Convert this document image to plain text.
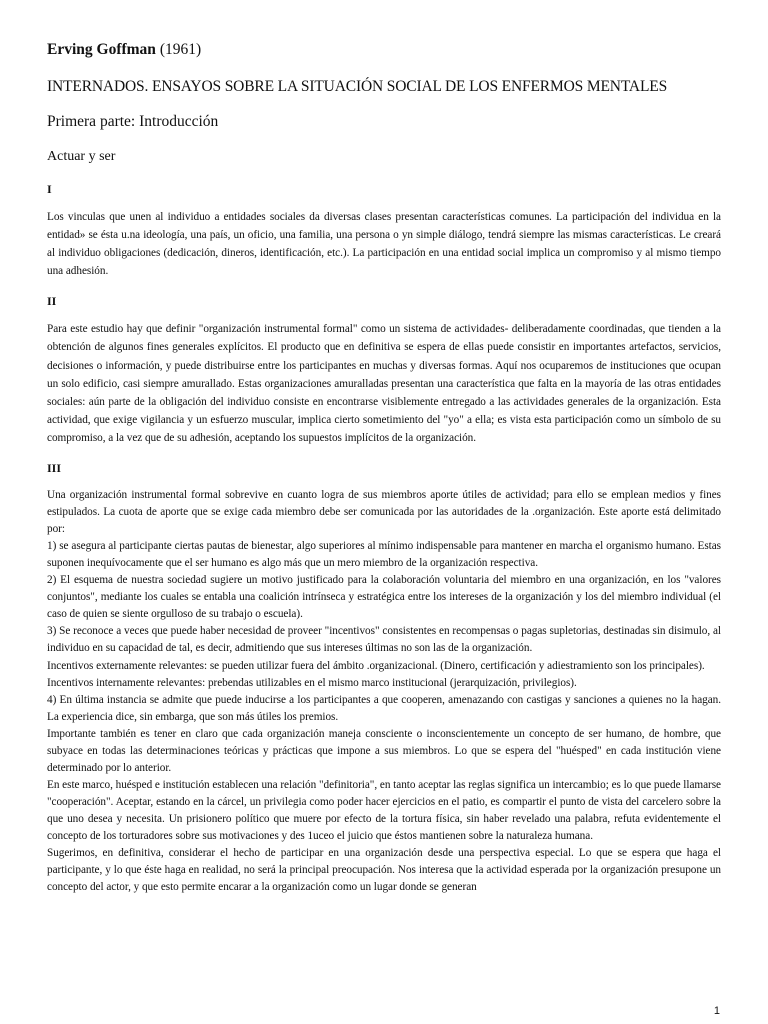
Erving Goffman (1961)

INTERNADOS. ENSAYOS SOBRE LA SITUACIÓN SOCIAL DE LOS ENFERMOS MENTALES

Primera parte: Introducción

Actuar y ser

I

Los vinculas que unen al individuo a entidades sociales da diversas clases presentan características comunes. La participación del individua en la entidad» se ésta u.na ideología, una país, un oficio, una familia, una persona o yn simple diálogo, tendrá siempre las mismas características. Le creará al individuo obligaciones (dedicación, dineros, identificación, etc.). La participación en una entidad social implica un compromiso y al mismo tiempo una adhesión.

II

Para este estudio hay que definir "organización instrumental formal" como un sistema de actividades- deliberadamente coordinadas, que tienden a la obtención de algunos fines generales explícitos. El producto que en definitiva se espera de ellas puede consistir en importantes artefactos, servicios, decisiones o información, y puede distribuirse entre los participantes en muchas y diversas formas. Aquí nos ocuparemos de instituciones que ocupan un solo edificio, casi siempre amurallado. Estas organizaciones amuralladas presentan una característica que falta en la mayoría de las otras entidades sociales: aún parte de la obligación del individuo consiste en encontrarse visiblemente entregado a las actividades generales de la organización. Esta actividad, que exige vigilancia y un esfuerzo muscular, implica cierto sometimiento del "yo" a ella; es vista esta participación como un símbolo de su compromiso, a la vez que de su adhesión, aceptando los supuestos implícitos de la organización.

III

Una organización instrumental formal sobrevive en cuanto logra de sus miembros aporte útiles de actividad; para ello se emplean medios y fines estipulados. La cuota de aporte que se exige cada miembro debe ser comunicada por las autoridades de la .organización. Este aporte está delimitado por:

1) se asegura al participante ciertas pautas de bienestar, algo superiores al mínimo indispensable para mantener en marcha el organismo humano. Estas suponen inequívocamente que el ser humano es algo más que un mero miembro de la organización respectiva.

2) El esquema de nuestra sociedad sugiere un motivo justificado para la colaboración voluntaria del miembro en una organización, en los "valores conjuntos", mediante los cuales se entabla una coalición intrínseca y estratégica entre los intereses de la organización y los del miembro individual (el caso de quien se siente orgulloso de su trabajo o escuela).

3) Se reconoce a veces que puede haber necesidad de proveer "incentivos" consistentes en recompensas o pagas supletorias, destinadas sin disimulo, al individuo en su capacidad de tal, es decir, admitiendo que sus intereses últimas no son las de la organización.

Incentivos externamente relevantes: se pueden utilizar fuera del ámbito .organizacional. (Dinero, certificación y adiestramiento son los principales).

Incentivos internamente relevantes: prebendas utilizables en el mismo marco institucional (jerarquización, privilegios).

4) En última instancia se admite que puede inducirse a los participantes a que cooperen, amenazando con castigas y sanciones a quienes no la hagan. La experiencia dice, sin embarga, que son más útiles los premios.

Importante también es tener en claro que cada organización maneja consciente o inconscientemente un concepto de ser humano, de hombre, que subyace en todas las determinaciones teóricas y prácticas que impone a sus miembros. Lo que se espera del "huésped" en cada institución viene determinado por lo anterior.

En este marco, huésped e institución establecen una relación "definitoria", en tanto aceptar las reglas significa un intercambio; es lo que puede llamarse "cooperación". Aceptar, estando en la cárcel, un privilegia como poder hacer ejercicios en el patio, es compartir el punto de vista del carcelero sobre la que uno desea y necesita. Un prisionero político que muere por efecto de la tortura física, sin haber revelado una palabra, refuta evidentemente el concepto de los torturadores sobre sus motivaciones y des 1uceo el juicio que éstos mantienen sobre la naturaleza humana.

Sugerimos, en definitiva, considerar el hecho de participar en una organización desde una perspectiva especial. Lo que se espera que haga el participante, y lo que éste haga en realidad, no será la principal preocupación. Nos interesa que la actividad esperada por la organización presupone un concepto del actor, y que esto permite encarar a la organización como un lugar donde se generan

1
